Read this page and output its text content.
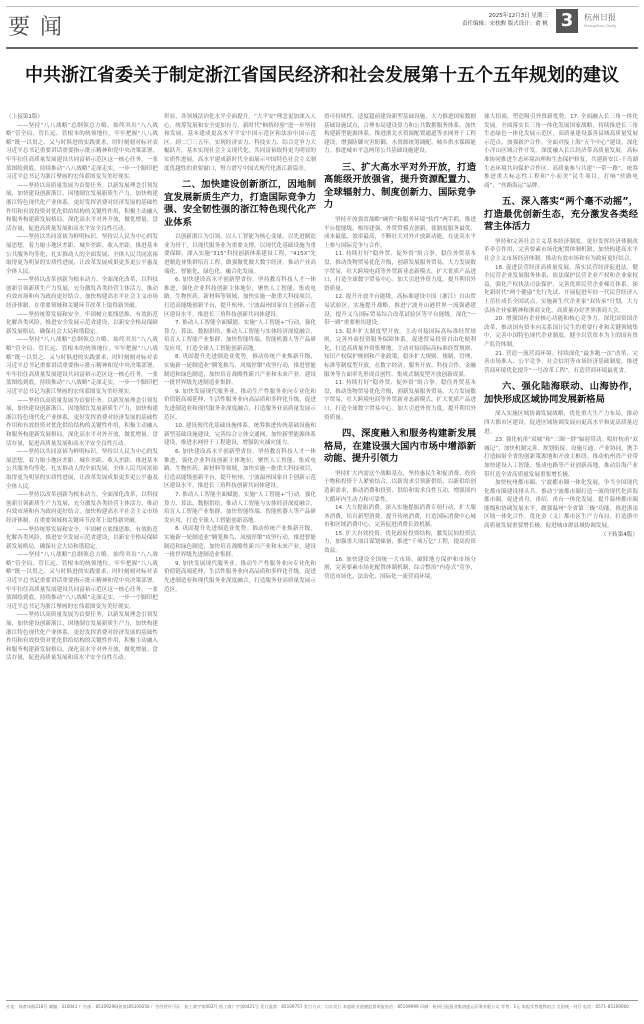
要闻	2025年12月3日 星期三
责任编辑：宋枕醒 版式设计：俞 帆 3	杭州日报
Hangzhou Daily
中共浙江省委关于制定浙江省国民经济和社会发展第十五个五年规划的建议
（上接第1版）

——坚持“八八战略”总纲领总方略。始终突出“八八战略”管全局、管长远、管根本的统领地位，牢牢把握“八八战略”既一以贯之、又与时俱进的实践要求，时时刻刻对标对表习近平总书记重要讲话重要指示批示精神和党中央决策部署，牢牢扣住高质量发展建设共同富裕示范区这一核心任务，一张蓝图绘到底，持续推动“八八战略”走深走实，一步一个脚印把习近平总书记为浙江擘画的宏伟蓝图变为美好现实。

——坚持以高质量发展为首要任务。以新发展理念引领发展，加快建设创新浙江，因地制宜发展新质生产力，加快构建浙江特色现代化产业体系，更好发挥消费对经济发展的基础性作用和有效投资对优化供给结构的关键性作用，积极主动融入和服务构建新发展格局，深化高水平对外开放，做优增量、盘活存量，促进高质量发展和高水平安全良性互动。

——坚持以共同富裕为鲜明标识。坚持以人民为中心的发展思想，着力缩小地区差距、城乡差距、收入差距，推进基本公共服务均等化，扎实推动人的全面发展、全体人民共同富裕取得更为明显的实质性进展，让改革发展成果更多更公平惠及全体人民。

——坚持以改革创新为根本动力。全面深化改革，以科技创新引领新质生产力发展，充分激发各类经营主体活力，推动有效市场和有为政府更好结合，加快构建高水平社会主义市场经济体制，在重要领域和关键环节改革上取得新突破。

——坚持统筹发展和安全。牢固树立底线思维，有效防范化解各类风险，推进安全发展示范省建设，以新安全格局保障新发展格局，确保社会大局和谐稳定。

——坚持“八八战略”总纲领总方略。始终突出“八八战略”管全局、管长远、管根本的统领地位，牢牢把握“八八战略”既一以贯之、又与时俱进的实践要求，时时刻刻对标对表习近平总书记重要讲话重要指示批示精神和党中央决策部署，牢牢扣住高质量发展建设共同富裕示范区这一核心任务，一张蓝图绘到底，持续推动“八八战略”走深走实，一步一个脚印把习近平总书记为浙江擘画的宏伟蓝图变为美好现实。

——坚持以高质量发展为首要任务。以新发展理念引领发展，加快建设创新浙江，因地制宜发展新质生产力，加快构建浙江特色现代化产业体系，更好发挥消费对经济发展的基础性作用和有效投资对优化供给结构的关键性作用，积极主动融入和服务构建新发展格局，深化高水平对外开放，做优增量、盘活存量，促进高质量发展和高水平安全良性互动。

——坚持以共同富裕为鲜明标识。坚持以人民为中心的发展思想，着力缩小地区差距、城乡差距、收入差距，推进基本公共服务均等化，扎实推动人的全面发展、全体人民共同富裕取得更为明显的实质性进展，让改革发展成果更多更公平惠及全体人民。

——坚持以改革创新为根本动力。全面深化改革，以科技创新引领新质生产力发展，充分激发各类经营主体活力，推动有效市场和有为政府更好结合，加快构建高水平社会主义市场经济体制，在重要领域和关键环节改革上取得新突破。

——坚持统筹发展和安全。牢固树立底线思维，有效防范化解各类风险，推进安全发展示范省建设，以新安全格局保障新发展格局，确保社会大局和谐稳定。

——坚持“八八战略”总纲领总方略。始终突出“八八战略”管全局、管长远、管根本的统领地位，牢牢把握“八八战略”既一以贯之、又与时俱进的实践要求，时时刻刻对标对表习近平总书记重要讲话重要指示批示精神和党中央决策部署，牢牢扣住高质量发展建设共同富裕示范区这一核心任务，一张蓝图绘到底，持续推动“八八战略”走深走实，一步一个脚印把习近平总书记为浙江擘画的宏伟蓝图变为美好现实。

——坚持以高质量发展为首要任务。以新发展理念引领发展，加快建设创新浙江，因地制宜发展新质生产力，加快构建浙江特色现代化产业体系，更好发挥消费对经济发展的基础性作用和有效投资对优化供给结构的关键性作用，积极主动融入和服务构建新发展格局，深化高水平对外开放，做优增量、盘活存量，促进高质量发展和高水平安全良性互动。

彰显，各领域法治化水平全面提升，“大平安”理念更加深入人心，统筹发展和安全更加有力，新时代“枫桥经验”进一步坚持和发展，基本建成更高水平平安中国示范区和法治中国示范区。到二〇三五年，实现经济实力、科技实力、综合竞争力大幅跃升，基本实现社会主义现代化，共同富裕取得更为明显的实质性进展，高水平建成新时代全面展示中国特色社会主义制度优越性的重要窗口，努力谱写中国式现代化浙江新篇章。

二、加快建设创新浙江，因地制宜发展新质生产力，打造国际竞争力强、安全韧性强的浙江特色现代化产业体系

以创新浙江为引领，以人工智能为核心变量，以先进制造业为骨干，以现代服务业为重要支撑，以现代化基础设施为重要保障，深入实施“315”科技创新体系建设工程、“415X”先进制造业集群培育工程，做强做优做大数字经济，推动产业高端化、智能化、绿色化、融合化发展。

6. 加快建设高水平创新型省份。坚持教育科技人才一体推进，强化企业科技创新主体地位，聚焦人工智能、集成电路、生物医药、新材料等领域，加快实施一批重大科技项目，打造高能级创新平台，提升杭州、宁波温州国家自主创新示范区建设水平，推进长三角科技创新共同体建设。

7. 推动人工智能全面赋能。实施“人工智能+”行动，强化算力、算法、数据供给，推动人工智能与实体经济深度融合，培育人工智能产业集群，加快智能终端、智能机器人等产品研发应用，打造全球人工智能创新高地。

8. 巩固提升先进制造业优势。推动传统产业焕新升级，实施新一轮制造业“腾笼换鸟、凤凰涅槃”攻坚行动，推进智能制造和绿色制造，加快培育战略性新兴产业和未来产业，建设一批世界级先进制造业集群。

9. 加快发展现代服务业。推动生产性服务业向专业化和价值链高端延伸，生活性服务业向高品质和多样化升级，促进先进制造业和现代服务业深度融合，打造服务业高质量发展示范区。

10. 建设现代化基础设施体系。统筹推进传统基础设施和新型基础设施建设，完善综合立体交通网，加快新型能源体系建设，推进水网骨干工程建设，增强防灾减灾能力。

6. 加快建设高水平创新型省份。坚持教育科技人才一体推进，强化企业科技创新主体地位，聚焦人工智能、集成电路、生物医药、新材料等领域，加快实施一批重大科技项目，打造高能级创新平台，提升杭州、宁波温州国家自主创新示范区建设水平，推进长三角科技创新共同体建设。

7. 推动人工智能全面赋能。实施“人工智能+”行动，强化算力、算法、数据供给，推动人工智能与实体经济深度融合，培育人工智能产业集群，加快智能终端、智能机器人等产品研发应用，打造全球人工智能创新高地。

8. 巩固提升先进制造业优势。推动传统产业焕新升级，实施新一轮制造业“腾笼换鸟、凤凰涅槃”攻坚行动，推进智能制造和绿色制造，加快培育战略性新兴产业和未来产业，建设一批世界级先进制造业集群。

9. 加快发展现代服务业。推动生产性服务业向专业化和价值链高端延伸，生活性服务业向高品质和多样化升级，促进先进制造业和现代服务业深度融合，打造服务业高质量发展示范区。

资可持续性。适度超前建设新型基础设施，大力推进国家数据基础设施试点，合理布局建设算力和公共数据服务体系。加快构建新型能源体系，推进浙北水资源配置通道等水网骨干工程建设，增强防御灾害防御、水资源统筹调配、城乡供水保障能力。推进城市平急两用公共基础设施建设。

三、扩大高水平对外开放，打造高能级开放强省，提升资源配置力、全球辐射力、制度创新力、国际竞争力

坚持开放强省战略“硬件”和服务环境“软件”两手抓，推进平台提能级、枢纽建强、外贸贸模式创新，使制度服务最优、成本最低、效率最高，不断壮大对外开放新动能，在更高水平上参与国际竞争与合作。

11. 持续打好“稳外贸、促外资”组合拳。稳住外贸基本盘，推动货物贸易优化升级，创新发展服务贸易，大力发展数字贸易，壮大跨境电商等外贸新业态新模式，扩大优质产品进口，打造全球数字贸易中心。加大引进外资力度，提升利用外资质量。

12. 提升开放平台能级。高标准建设中国（浙江）自由贸易试验区，实施提升战略，推进宁波舟山港世界一流强港建设，提升义乌国际贸易综合改革试验区等平台能级，深化“一带一路”重要枢纽建设。

13. 稳步扩大制度型开放。主动对接国际高标准经贸规则，完善外商投资服务保障体系，促进贸易投资自由化便利化，打造高质量外资集聚地。主动对接国际高标准经贸规则、知识产权保护规则和产业政策，稳步扩大规则、规制、管理、标准等制度型开放，在数字经济、服务开放、科技合作、金融服务等方面率先形成首创性、集成式制度型开放创新成果。

11. 持续打好“稳外贸、促外资”组合拳。稳住外贸基本盘，推动货物贸易优化升级，创新发展服务贸易，大力发展数字贸易，壮大跨境电商等外贸新业态新模式，扩大优质产品进口，打造全球数字贸易中心。加大引进外资力度，提升利用外资质量。

四、深度融入和服务构建新发展格局，在建设强大国内市场中增添新动能、提升引领力

坚持扩大内需这个战略基点，坚持惠民生和促消费、投资于物和投资于人紧密结合，以新需求引领新供给，以新供给创造新需求，推动消费和投资、供给和需求良性互动，增强国内大循环内生动力和可靠性。

14. 大力提振消费。深入实施提振消费专项行动，扩大服务消费，培育新型消费，提升传统消费，打造国际消费中心城市和区域消费中心，完善促进消费长效机制。

15. 扩大有效投资。优化政府投资结构，激发民间投资活力，加强重大项目谋划储备，推进“千项万亿”工程，提高投资效益。

16. 加快建设全国统一大市场。破除地方保护和市场分割，完善要素市场化配置体制机制，综合整治“内卷式”竞争，营造市场化、法治化、国际化一流营商环境。

球大招商，塑造吸引外资新优势。17. 全面融入长三角一体化发展。全面落实长三角一体化发展国家战略，持续推进长三角生态绿色一体化发展示范区，高质量建设嘉善县域高质量发展示范点。加强新沪合作，全面对接上海“五个中心”建设，深化小洋山区域合作开发。深度融入长江经济带高质量发展，高标准协同推进生态环境治理和生态保护修复，共建新安江-千岛湖生态环境共同保护合作区。高质量参与共建“一带一路”，统筹推进重大标志性工程和“小而美”民生项目，打响“丝路电商”、“丝路海运”品牌。

五、深入落实“两个毫不动摇”，打造最优创新生态，充分激发各类经营主体活力

坚持和完善社会主义基本经济制度，更好发挥经济体制改革牵引作用，完善要素市场化配置体制机制，加快构建高水平社会主义市场经济体制，推动有效市场和有为政府更好结合。

18. 促进民营经济高质量发展。落实民营经济促进法，健全民营企业发展服务体系，依法保护民营企业产权和企业家权益，强化产权执法司法保护，完善优质民营企业梯育体系。深化新时代“两个健康”先行先试，开展促进年轻一代民营经济人士茁壮成长全国试点，实施新生代企业家“双传承”计划，大力弘扬企业家精神和浙商文化，高质量办好世界浙商大会。

20. 增强国有企业核心功能和核心竞争力。深化国资国企改革，推动国有资本向关系国计民生的重要行业和关键领域集中，完善中国特色现代企业制度，健全以管资本为主的国有资产监管体制。

21. 营造一流营商环境。持续深化“最多跑一次”改革，完善市场准入、公平竞争、社会信用等市场经济基础制度，推进营商环境优化提升“一号改革工程”，打造营商环境最优省。

六、强化陆海联动、山海协作，加快形成区域协同发展新格局

深入实施区域协调发展战略，优化重大生产力布局，推动四大都市区建设，促进区域协调发展向更高水平和更高质量迈进。

23. 强化杭甬“双城”和“三圈一群”辐射带动。唱好杭甬“双城记”，加快机制完善、规划衔接、设施互通、产业协同，携手打造辐射全省的创新策源地和开放主枢纽。推动杭州湾产业带加快建设人工智能、集成电路等产业创新高地，推动沿海产业带打造全省高质量发展重要增长极。

加快杭州都市圈、宁波都市圈一体化发展，争当全国现代化都市圈建设排头兵。推动宁波都市圈打造一流的现代化滨海都市圈，促进甬舟、甬绍、甬台一体化发展。提升温州都市圈能级和协调发展水平，做强温州“全省第三极”功能，推进浙南区域一体化合作。优化金（义）都市区生产力布局，打造浙中高质量发展重要增长极，促进城市群县域协调发展。

（下转第4版）
社址：体育场路218号 邮编：310041 广告部：85109296(传真)85109256 广告经营许可证：杭工商字第002号 杭工商广字第0421号 发行监督：85109757 发行方式：自办发行 本报职业道德监督举报电话：85109999 印刷：杭州日报报业集团盛元印务有限公司 零售：1元 本报零售地铁站点 全国统一刊号 电话：0571-85109000
